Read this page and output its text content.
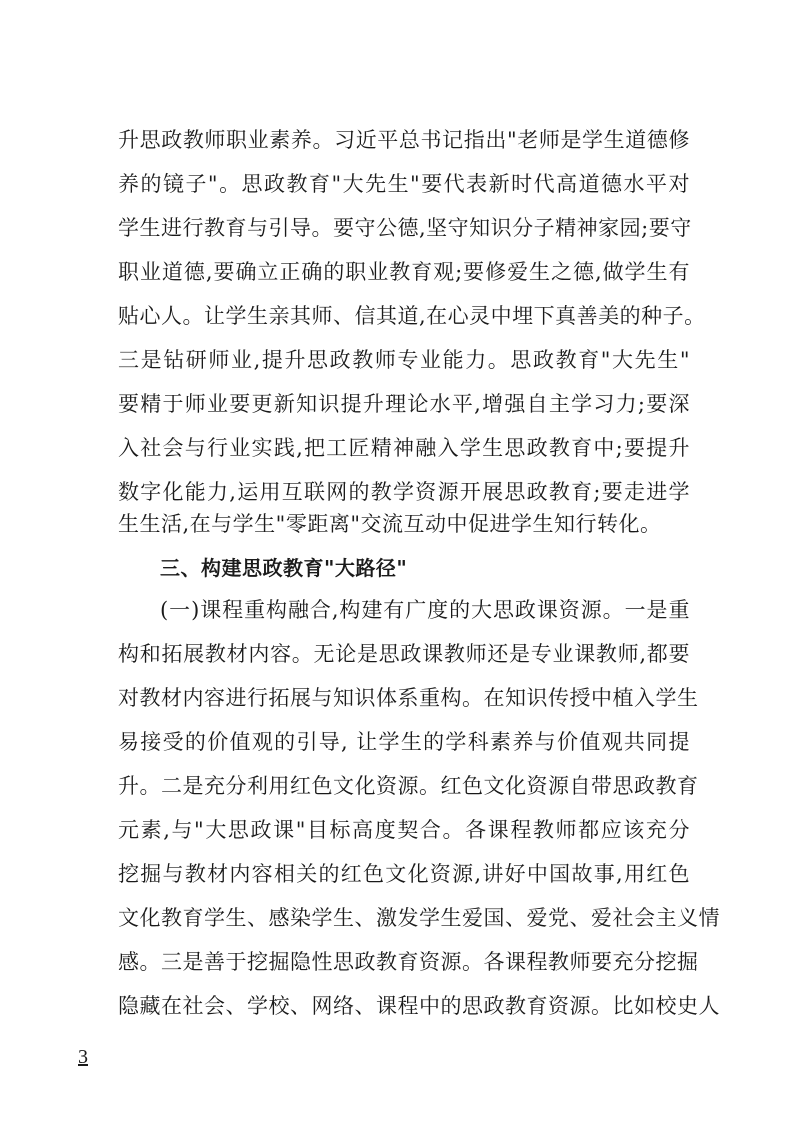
升思政教师职业素养。习近平总书记指出"老师是学生道德修
养的镜子"。思政教育"大先生"要代表新时代高道德水平对
学生进行教育与引导。要守公德,坚守知识分子精神家园;要守
职业道德,要确立正确的职业教育观;要修爱生之德,做学生有
贴心人。让学生亲其师、信其道,在心灵中埋下真善美的种子。
三是钻研师业,提升思政教师专业能力。思政教育"大先生"
要精于师业要更新知识提升理论水平,增强自主学习力;要深
入社会与行业实践,把工匠精神融入学生思政教育中;要提升
数字化能力,运用互联网的教学资源开展思政教育;要走进学
生生活,在与学生"零距离"交流互动中促进学生知行转化。
三、构建思政教育"大路径"
(一)课程重构融合,构建有广度的大思政课资源。一是重
构和拓展教材内容。无论是思政课教师还是专业课教师,都要
对教材内容进行拓展与知识体系重构。在知识传授中植入学生
易接受的价值观的引导, 让学生的学科素养与价值观共同提
升。二是充分利用红色文化资源。红色文化资源自带思政教育
元素,与"大思政课"目标高度契合。各课程教师都应该充分
挖掘与教材内容相关的红色文化资源,讲好中国故事,用红色
文化教育学生、感染学生、激发学生爱国、爱党、爱社会主义情
感。三是善于挖掘隐性思政教育资源。各课程教师要充分挖掘
隐藏在社会、学校、网络、课程中的思政教育资源。比如校史人
3
